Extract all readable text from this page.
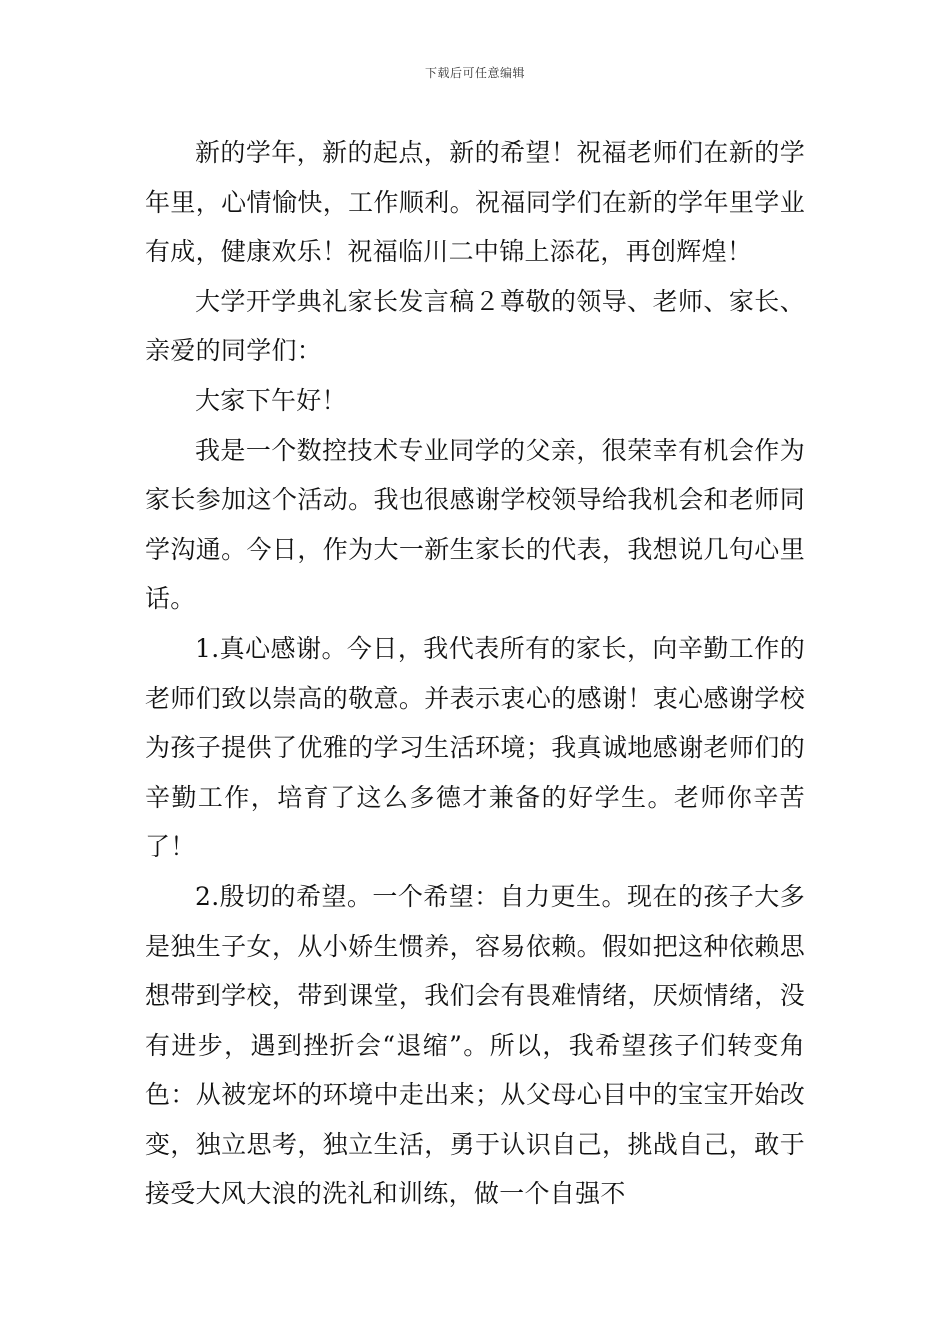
下载后可任意编辑

新的学年，新的起点，新的希望！祝福老师们在新的学年里，心情愉快，工作顺利。祝福同学们在新的学年里学业有成，健康欢乐！祝福临川二中锦上添花，再创辉煌！

大学开学典礼家长发言稿２尊敬的领导、老师、家长、亲爱的同学们：

大家下午好！

我是一个数控技术专业同学的父亲，很荣幸有机会作为家长参加这个活动。我也很感谢学校领导给我机会和老师同学沟通。今日，作为大一新生家长的代表，我想说几句心里话。

1.真心感谢。今日，我代表所有的家长，向辛勤工作的老师们致以崇高的敬意。并表示衷心的感谢！衷心感谢学校为孩子提供了优雅的学习生活环境；我真诚地感谢老师们的辛勤工作，培育了这么多德才兼备的好学生。老师你辛苦了！

2.殷切的希望。一个希望：自力更生。现在的孩子大多是独生子女，从小娇生惯养，容易依赖。假如把这种依赖思想带到学校，带到课堂，我们会有畏难情绪，厌烦情绪，没有进步，遇到挫折会“退缩”。所以，我希望孩子们转变角色：从被宠坏的环境中走出来；从父母心目中的宝宝开始改变，独立思考，独立生活，勇于认识自己，挑战自己，敢于接受大风大浪的洗礼和训练，做一个自强不
